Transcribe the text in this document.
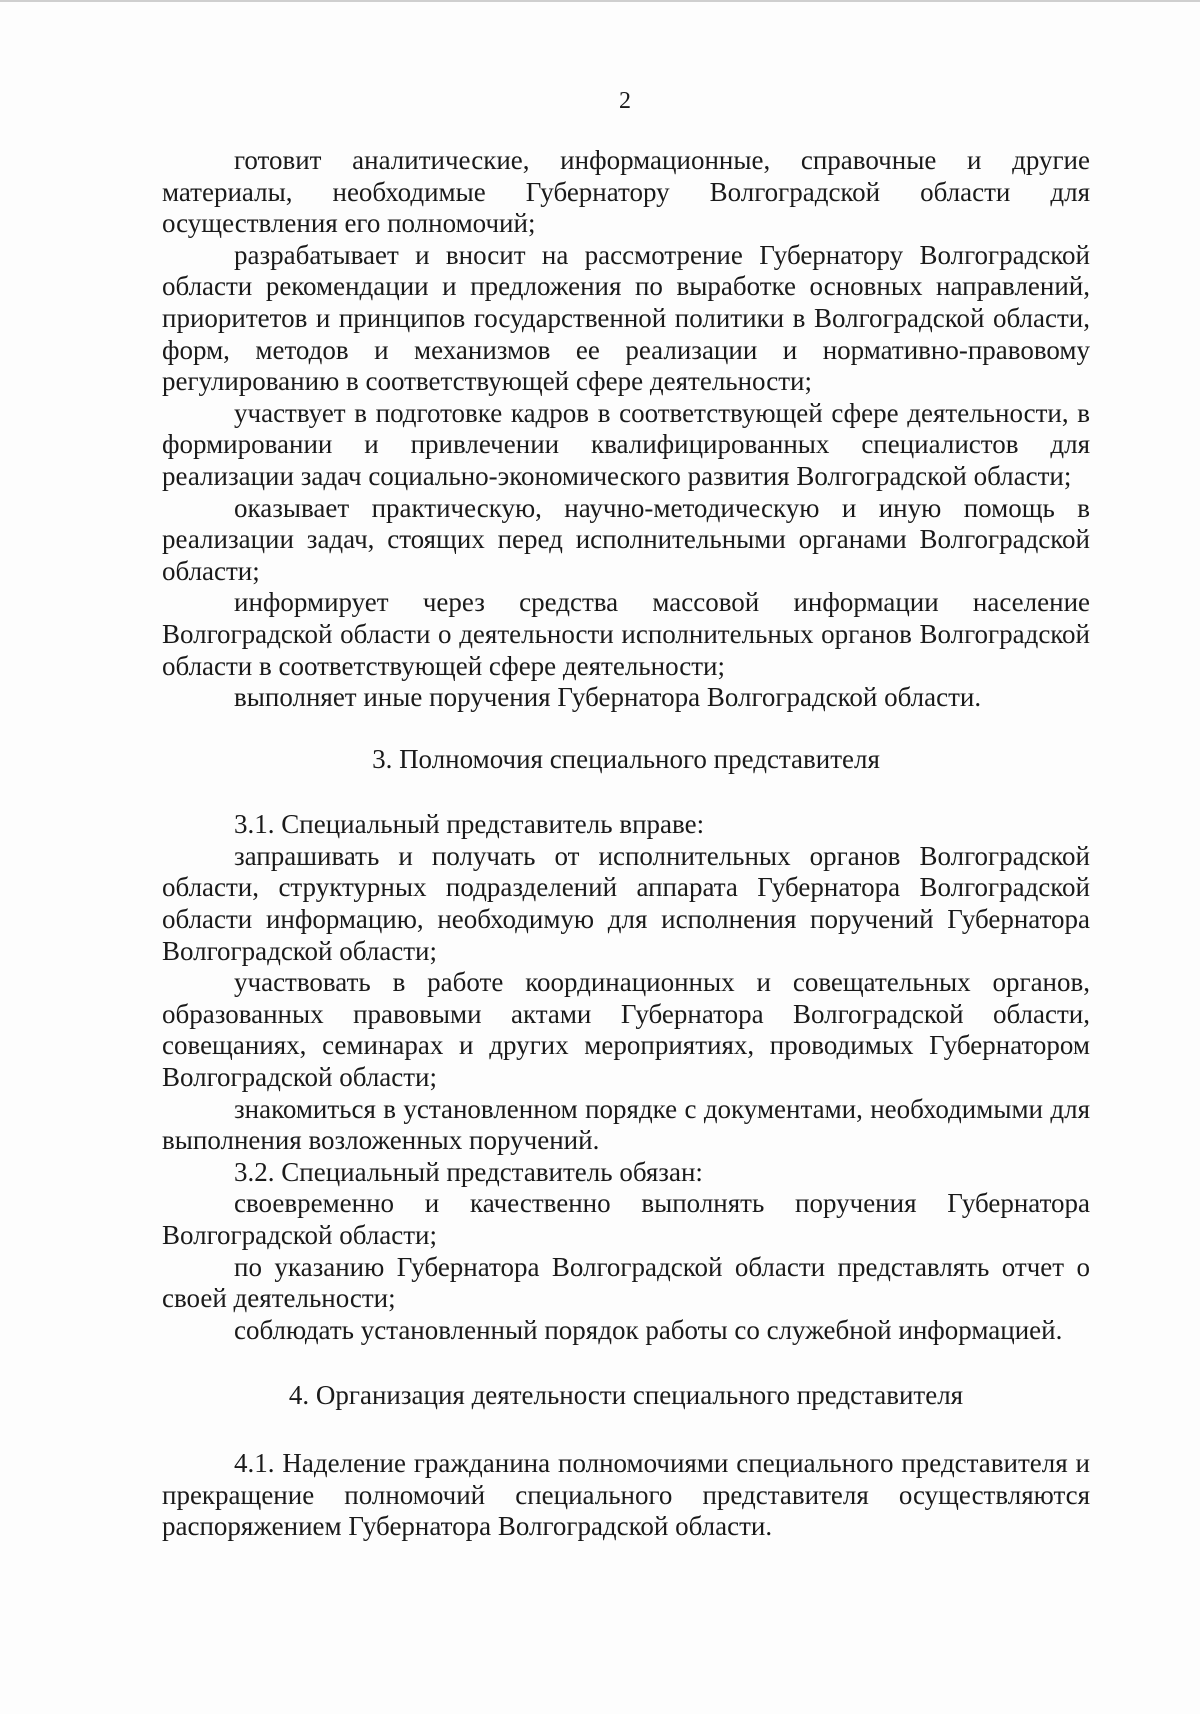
2

готовит аналитические, информационные, справочные и другие материалы, необходимые Губернатору Волгоградской области для осуществления его полномочий;

разрабатывает и вносит на рассмотрение Губернатору Волгоградской области рекомендации и предложения по выработке основных направлений, приоритетов и принципов государственной политики в Волгоградской области, форм, методов и механизмов ее реализации и нормативно-правовому регулированию в соответствующей сфере деятельности;

участвует в подготовке кадров в соответствующей сфере деятельности, в формировании и привлечении квалифицированных специалистов для реализации задач социально-экономического развития Волгоградской области;

оказывает практическую, научно-методическую и иную помощь в реализации задач, стоящих перед исполнительными органами Волгоградской области;

информирует через средства массовой информации население Волгоградской области о деятельности исполнительных органов Волгоградской области в соответствующей сфере деятельности;

выполняет иные поручения Губернатора Волгоградской области.

3. Полномочия специального представителя

3.1. Специальный представитель вправе:

запрашивать и получать от исполнительных органов Волгоградской области, структурных подразделений аппарата Губернатора Волгоградской области информацию, необходимую для исполнения поручений Губернатора Волгоградской области;

участвовать в работе координационных и совещательных органов, образованных правовыми актами Губернатора Волгоградской области, совещаниях, семинарах и других мероприятиях, проводимых Губернатором Волгоградской области;

знакомиться в установленном порядке с документами, необходимыми для выполнения возложенных поручений.

3.2. Специальный представитель обязан:

своевременно и качественно выполнять поручения Губернатора Волгоградской области;

по указанию Губернатора Волгоградской области представлять отчет о своей деятельности;

соблюдать установленный порядок работы со служебной информацией.

4. Организация деятельности специального представителя

4.1. Наделение гражданина полномочиями специального представителя и прекращение полномочий специального представителя осуществляются распоряжением Губернатора Волгоградской области.
